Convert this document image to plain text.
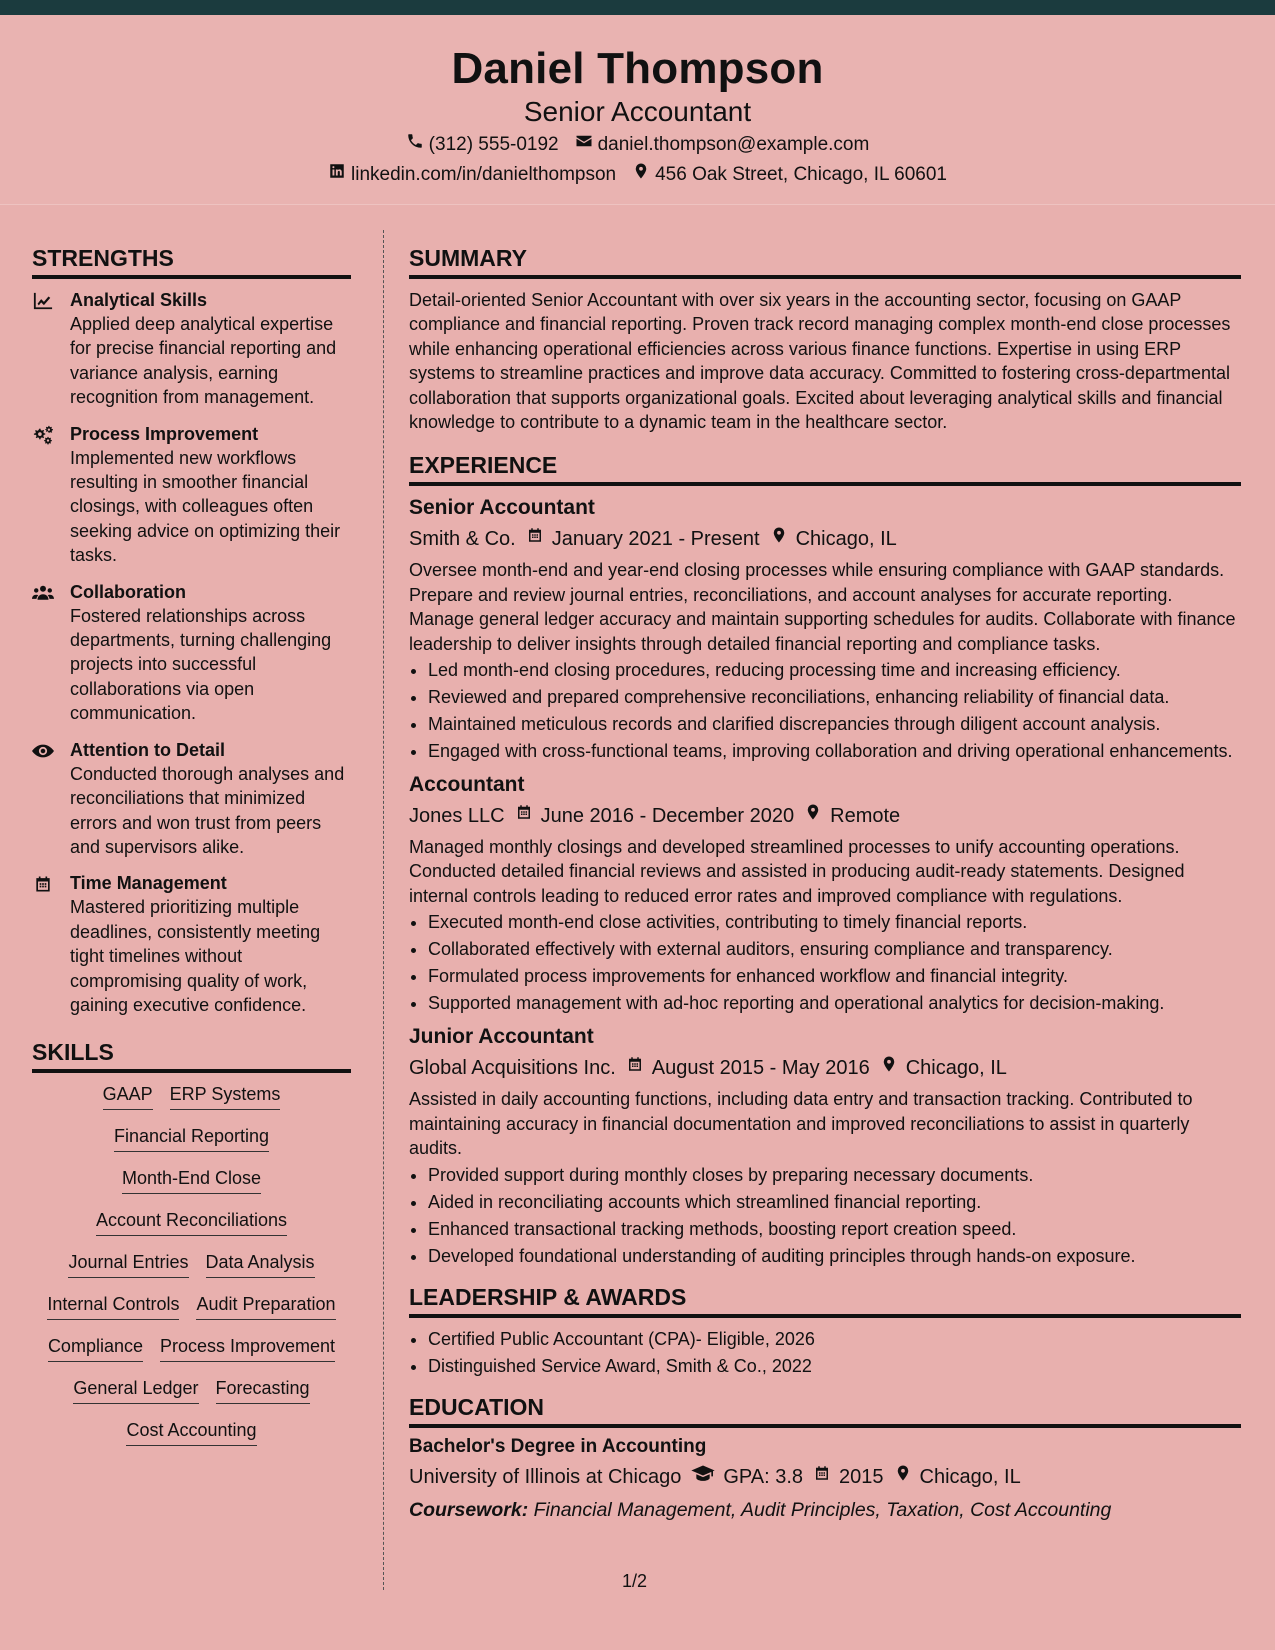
Daniel Thompson
Senior Accountant
(312) 555-0192 daniel.thompson@example.com
linkedin.com/in/danielthompson 456 Oak Street, Chicago, IL 60601
STRENGTHS
Analytical Skills
Applied deep analytical expertise for precise financial reporting and variance analysis, earning recognition from management.
Process Improvement
Implemented new workflows resulting in smoother financial closings, with colleagues often seeking advice on optimizing their tasks.
Collaboration
Fostered relationships across departments, turning challenging projects into successful collaborations via open communication.
Attention to Detail
Conducted thorough analyses and reconciliations that minimized errors and won trust from peers and supervisors alike.
Time Management
Mastered prioritizing multiple deadlines, consistently meeting tight timelines without compromising quality of work, gaining executive confidence.
SKILLS
GAAP ERP Systems
Financial Reporting
Month-End Close
Account Reconciliations
Journal Entries Data Analysis
Internal Controls Audit Preparation
Compliance Process Improvement
General Ledger Forecasting
Cost Accounting
SUMMARY
Detail-oriented Senior Accountant with over six years in the accounting sector, focusing on GAAP compliance and financial reporting. Proven track record managing complex month-end close processes while enhancing operational efficiencies across various finance functions. Expertise in using ERP systems to streamline practices and improve data accuracy. Committed to fostering cross-departmental collaboration that supports organizational goals. Excited about leveraging analytical skills and financial knowledge to contribute to a dynamic team in the healthcare sector.
EXPERIENCE
Senior Accountant
Smith & Co. January 2021 - Present Chicago, IL
Oversee month-end and year-end closing processes while ensuring compliance with GAAP standards. Prepare and review journal entries, reconciliations, and account analyses for accurate reporting. Manage general ledger accuracy and maintain supporting schedules for audits. Collaborate with finance leadership to deliver insights through detailed financial reporting and compliance tasks.
• Led month-end closing procedures, reducing processing time and increasing efficiency.
• Reviewed and prepared comprehensive reconciliations, enhancing reliability of financial data.
• Maintained meticulous records and clarified discrepancies through diligent account analysis.
• Engaged with cross-functional teams, improving collaboration and driving operational enhancements.
Accountant
Jones LLC June 2016 - December 2020 Remote
Managed monthly closings and developed streamlined processes to unify accounting operations. Conducted detailed financial reviews and assisted in producing audit-ready statements. Designed internal controls leading to reduced error rates and improved compliance with regulations.
• Executed month-end close activities, contributing to timely financial reports.
• Collaborated effectively with external auditors, ensuring compliance and transparency.
• Formulated process improvements for enhanced workflow and financial integrity.
• Supported management with ad-hoc reporting and operational analytics for decision-making.
Junior Accountant
Global Acquisitions Inc. August 2015 - May 2016 Chicago, IL
Assisted in daily accounting functions, including data entry and transaction tracking. Contributed to maintaining accuracy in financial documentation and improved reconciliations to assist in quarterly audits.
• Provided support during monthly closes by preparing necessary documents.
• Aided in reconciliating accounts which streamlined financial reporting.
• Enhanced transactional tracking methods, boosting report creation speed.
• Developed foundational understanding of auditing principles through hands-on exposure.
LEADERSHIP & AWARDS
• Certified Public Accountant (CPA)- Eligible, 2026
• Distinguished Service Award, Smith & Co., 2022
EDUCATION
Bachelor's Degree in Accounting
University of Illinois at Chicago GPA: 3.8 2015 Chicago, IL
Coursework: Financial Management, Audit Principles, Taxation, Cost Accounting
1/2
